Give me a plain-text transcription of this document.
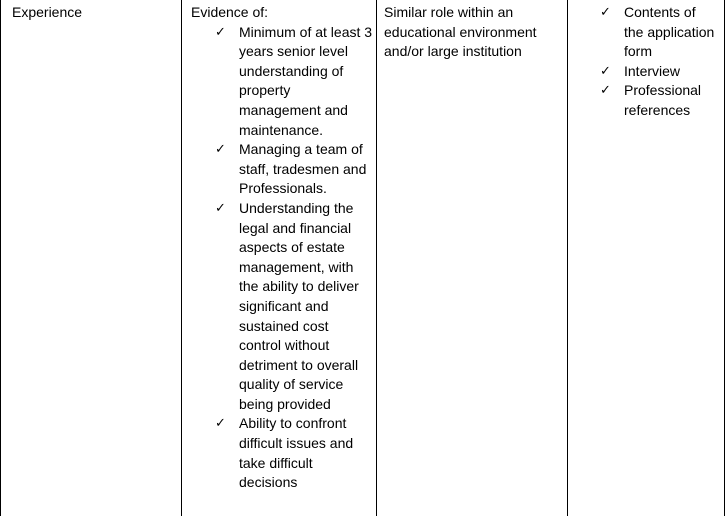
Experience	Evidence of:
✓ Minimum of at least 3 years senior level understanding of property management and maintenance.
✓ Managing a team of staff, tradesmen and Professionals.
✓ Understanding the legal and financial aspects of estate management, with the ability to deliver significant and sustained cost control without detriment to overall quality of service being provided
✓ Ability to confront difficult issues and take difficult decisions
Similar role within an educational environment and/or large institution
✓ Contents of the application form
✓ Interview
✓ Professional references
